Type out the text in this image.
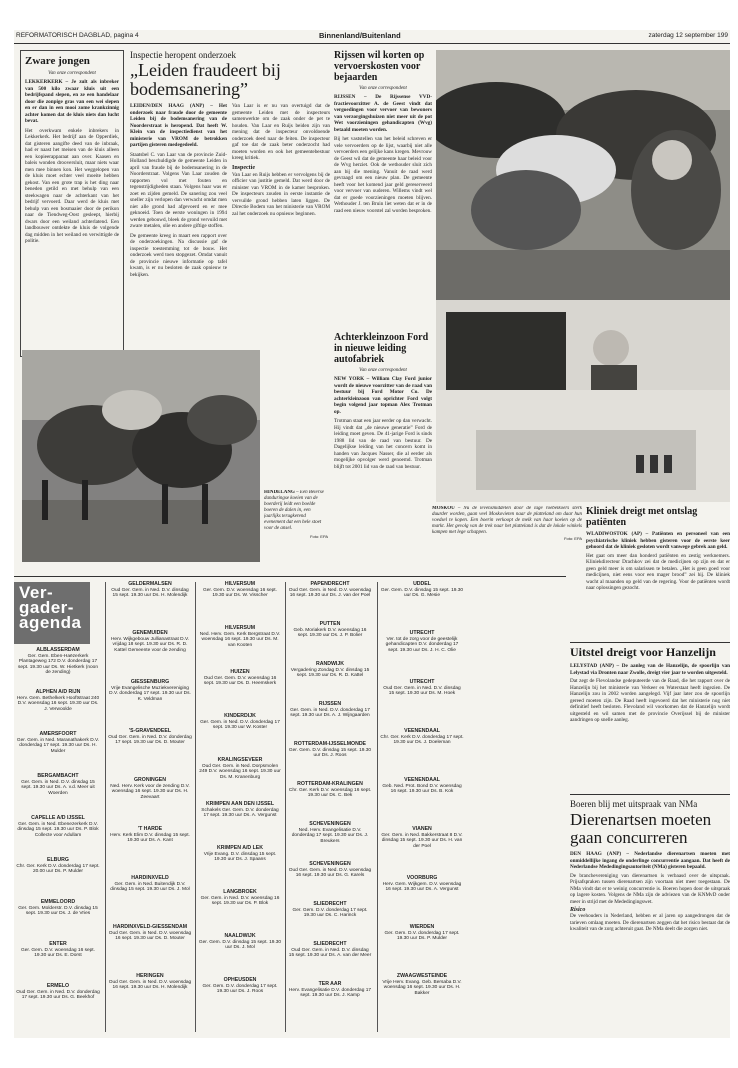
REFORMATORISCH DAGBLAD, pagina 4	Binnenland/Buitenland	zaterdag 12 september 199
Zware jongen
Van onze correspondent

LEKKERKERK – Je zult als inbreker van 500 kilo zwaar kluis uit een bedrijfspand slepen, en ze een handelaar door die zonpige gras van een wei slepen en er dan in een mooi zome krankzinnig achter komen dat de kluis niets dan lucht bevat.

Het overkwam enkele inbrekers in Lekkerkerk. Het bedrijf aan de Opperdiek, dat gisteren aangifte deed van de inbraak, had er naast het meisen van de kluis alleen een kopieerapparaat aan over. Kaasen en baleis wonden drooversluit, maar niets waar men mee binnen kon. Het weggelopen van de kluis moet echter veel moeite hebben gekost. Van een grote trap is het ding naar beneden getild en met behulp van een steekwagen naar de achterkant van het bedrijf vervoerd. Daar werd de kluis met behulp van een bosmaaier door de perikon naar de Tiendweg-Oost gesleept, hierbij dwars door een weiland achterlatend. Een landbouwer ontdekte de kluis de volgende dag midden in het weiland en verwittigde de politie.

Inspectie heropent onderzoek
„Leiden fraudeert bij bodemsanering”

LEIDEN/DEN HAAG (ANP) – Het onderzoek naar fraude door de gemeente Leiden bij de bodemsanering van de Noorderstraat is heropend. Dat heeft W. Klein van de inspectiedienst van het ministerie van VROM de betrokken partijen gisteren medegedeeld.

Staatsbel C. van Laar van de provincie Zuid-Holland beschuldigde de gemeente Leiden in april van fraude bij de bodemsanering in de Noorderstraat. Volgens Van Laar zouden de rapporten vol met fouten en tegenstrijdigheden staan. Volgens haar was er zoet en zijden gemeld. De sanering zou veel sneller zijn verlopen dan verwacht omdat men niet alle grond had afgevoerd en er mee geknoeid. Toen de eerste woningen in 1994 werden gebouwd, bleek de grond vervuild met zware metalen, olie en andere giftige stoffen.

De gemeente kreeg in maart een rapport over de onderzoekingen. Na discussie gaf de inspectie toestemming tot de bouw. Het onderzoek werd toen stopgezet. Omdat vanuit de provincie nieuwe informatie op tafel kwam, is er nu besloten de zaak opnieuw te bekijken.

Van Laar is er nu van overtuigd dat de gemeente Leiden met de inspecteurs samenwerkte om de zaak onder de pet te houden. Van Laar en Ruijs beiden zijn van mening dat de inspecteur onvoldoende onderzoek deed naar de feiten. De inspecteur gaf toe dat de zaak beter onderzocht had moeten worden en ook het gemeentebestuur kreeg kritiek.

Inspectie

Van Laar en Ruijs hebben er vervolgens bij de officier van justitie gemeld. Dat werd door de minister van VROM in de kamer besproken. De inspecteurs zouden in eerste instantie de vervuilde grond hebben laten liggen. De Directie Bodem van het ministerie van VROM zal het onderzoek nu opnieuw beginnen.

Rijssen wil korten op vervoerskosten voor bejaarden
Van onze correspondent

RIJSSEN – De Rijssense VVD-fractievoorzitter A. de Geest vindt dat vergoedingen voor vervoer van bewoners van verzorgingshuizen niet meer uit de pot Wet voorzieningen gehandicapten (Wvg) betaald moeten worden.

Bij het vaststellen van het beleid schreven er vele vervoerders op de lijst, waarbij niet alle vervoerders een gelijke kans kregen. Mevrouw de Geest wil dat de gemeente haar beleid voor de Wvg herziet. Ook de wethouder sluit zich aan bij die mening. Vanuit de raad werd gevraagd om een nieuw plan. De gemeente heeft voor het komend jaar geld gereserveerd voor vervoer van ouderen. Willems vindt wel dat er goede voorzieningen moeten blijven. Wethouder J. ten Bruin liet weten dat er in de raad een nieuw voorstel zal worden besproken.

Achterkleinzoon Ford in nieuwe leiding autofabriek
Van onze correspondent

NEW YORK – William Clay Ford junior wordt de nieuwe voorzitter van de raad van bestuur bij Ford Motor Co. De achterkleinzoon van oprichter Ford volgt begin volgend jaar topman Alex Trotman op.

Trotman staat een jaar eerder op dan verwacht. Hij vindt dat „de nieuwe generatie” Ford de leiding moet geven. De 41-jarige Ford is sinds 1988 lid van de raad van bestuur. De Dagelijkse leiding van het concern komt in handen van Jacques Nasser, die al eerder als mogelijke opvolger werd genoemd. Trotman blijft tot 2001 lid van de raad van bestuur.

HINDELANG – Een Beierse danduringse koeien van de boerderij leidt een boelde boeren de dalen in, een jaarlijks terugkerend evenement dat een hele stoet voor de ansel.

Foto: EPA

MOSKOU – Nu de levensmiddelen door de lage roebelkoers sterk duurder worden, gaan veel Moskovieten naar de platteland om daar hun voedsel te kopen. Een boerin verkoopt de melk van haar koeien op de markt. Het gevolg van de trek naar het platteland is dat de lokale winkels kampen met lege schappen.

Foto: EPA
Kliniek dreigt met ontslag patiënten

WLADIWOSTOK (AP) – Patiënten en personeel van een psychiatrische kliniek hebben gisteren voor de eerste keer gehoord dat de kliniek gesloten wordt vanwege gebrek aan geld.

Het gaat om meer dan honderd patiënten en zestig werknemers. Kliniekdirecteur Drachkov zei dat de medicijnen op zijn en dat er geen geld meer is om salarissen te betalen. „Het is geen goed voor medicijnen, niet eens voor een mager brood” zei hij. De kliniek wacht al maanden op geld van de regering. Voor de patiënten wordt naar oplossingen gezocht.

Uitstel dreigt voor Hanzelijn

LELYSTAD (ANP) – De aanleg van de Hanzelijn, de spoorlijn van Lelystad via Dronten naar Zwolle, dreigt vier jaar te worden uitgesteld.

Dat zegt de Flevolandse gedeputeerde van de Raad, die het rapport over de Hanzelijn bij het ministerie van Verkeer en Waterstaat heeft ingezien. De Hanzelijn zou in 2002 worden aangelegd. Vijf jaar later zou de spoorlijn gereed moeten zijn. De Raad heeft ingevoerd dat het ministerie nog niet definitief heeft besloten. Flevoland wil voorkomen dat de Hanzelijn wordt uitgesteld en wil samen met de provincie Overijssel bij de minister aandringen op snelle aanleg.

Boeren blij met uitspraak van NMa
Dierenartsen moeten gaan concurreren

DEN HAAG (ANP) – Nederlandse dierenartsen moeten met onmiddellijke ingang de onderlinge concurrentie aangaan. Dat heeft de Nederlandse Mededingingsautoriteit (NMa) gisteren bepaald.

De branchevereniging van dierenartsen is verbaasd over de uitspraak. Prijsafspraken tussen dierenartsen zijn voortaan niet meer toegestaan. De NMa vindt dat er te weinig concurrentie is. Boeren hopen door de uitspraak op lagere kosten. Volgens de NMa zijn de adviezen van de KNMvD onder meer in strijd met de Mededingingswet.

Risico

De veehouders in Nederland, hebben er al jaren op aangedrongen dat de tarieven omlaag moeten. De dierenartsen zeggen dat het risico bestaat dat de kwaliteit van de zorg achteruit gaat. De NMa deelt die zorgen niet.

Ver-gader-agenda
ALBLASSERDAM
Ger. Gem. Eben-Haëzerkerk Plantageweg 172 D.V. donderdag 17 sept. 19.30 uur Ds. W. Hietkerk (noon de zending)
ALPHEN A/D RIJN
Herv. Gem. Bethelkerk Hooftstraat 240 D.V. woensdag 16 sept. 19.30 uur Ds. J. Verwoolde
AMERSFOORT
Ger. Gem. in Ned. Maranathakerk D.V. donderdag 17 sept. 19.30 uur Ds. H. Mulder
BERGAMBACHT
Ger. Gem. in Ned. D.V. dinsdag 15 sept. 19.30 uur Ds. A. v.d. Meer uit Woerden
CAPELLE A/D IJSSEL
Ger. Gem. in Ned. Ebenezerkerk D.V. dinsdag 15 sept. 19.30 uur Ds. P. Blok Collecte voor Adullam
ELBURG
Chr. Ger. Kerk D.V. donderdag 17 sept. 20.00 uur Ds. P. Mulder
EMMELOORD
Ger. Gem. Molderstr. D.V. dinsdag 15 sept. 19.30 uur Ds. J. de Vries
ENTER
Ger. Gem. D.V. woensdag 16 sept. 19.30 uur Ds. E. Dorst
ERMELO
Oud Ger. Gem. in Ned. D.V. donderdag 17 sept. 19.30 uur Ds. G. Beekhof
GELDERMALSEN
Oud Ger. Gem. in Ned. D.V. dinsdag 15 sept. 19.30 uur Ds. H. Molendijk
GENEMUIDEN
Herv. Wijkgebouw Jullianastraat D.V. vrijdag 18 sept. 19.30 uur Ds. R. D. Kattel Gemeente voor de zending
GIESSENBURG
Vrije Evangelische Muziekvereniging D.V. donderdag 17 sept. 19.30 uur Ds. K. Veldman
'S-GRAVENDEEL
Oud Ger. Gem. in Ned. D.V. donderdag 17 sept. 19.30 uur Ds. D. Mouter
GRONINGEN
Ned. Herv. Kerk voor de zending D.V. woensdag 16 sept. 19.30 uur Ds. H. Zeevaart
'T HARDE
Herv. Kerk Elim D.V. dinsdag 15 sept. 19.30 uur Ds. A. Kant
HARDINXVELD
Ger. Gem. in Ned. Buitendijk D.V. dinsdag 15 sept. 19.30 uur Ds. J. Mol
HARDINXVELD-GIESSENDAM
Oud Ger. Gem. in Ned. D.V. woensdag 16 sept. 19.30 uur Ds. D. Mouter
HERINGEN
Oud Ger. Gem. in Ned. D.V. woensdag 16 sept. 19.30 uur Ds. H. Molendijk
HILVERSUM
Ger. Gem. D.V. woensdag 16 sept. 19.30 uur Ds. W. Visscher
HILVERSUM
Ned. Herv. Gem. Kerk Bergstraat D.V. woensdag 16 sept. 19.30 uur Ds. M. van Kooten
HUIZEN
Oud Ger. Gem. D.V. woensdag 16 sept. 19.30 uur Ds. D. Heemskerk
KINDERDIJK
Ger. Gem. in Ned. D.V. donderdag 17 sept. 19.30 uur W. Koster
KRALINGSEVEER
Oud Ger. Gem. in Ned. Dorpsmolen 249 D.V. woensdag 16 sept. 19.30 uur Ds. M. Kranenburg
KRIMPEN AAN DEN IJSSEL
Schakels Ger. Gem. D.V. donderdag 17 sept. 19.30 uur Ds. A. Vergunst
KRIMPEN A/D LEK
Vrije Evang. D.V. dinsdag 15 sept. 19.30 uur Ds. J. Spaans
LANGBROEK
Ger. Gem. in Ned. D.V. woensdag 16 sept. 19.30 uur Ds. P. Blok
NAALDWIJK
Ger. Gem. D.V. dinsdag 15 sept. 19.30 uur Ds. J. Mol
OPHEUSDEN
Ger. Gem. D.V. donderdag 17 sept. 19.30 uur Ds. J. Roos
PAPENDRECHT
Oud Ger. Gem. in Ned. D.V. woensdag 16 sept. 19.30 uur Ds. J. van der Poel
PUTTEN
Geb. Moriakerk D.V. woensdag 16 sept. 19.30 uur Ds. J. P. Bolier
RANDWIJK
Vergadering Zondag D.V. dinsdag 15 sept. 19.30 uur Ds. R. D. Kattel
RIJSSEN
Ger. Gem. in Ned. D.V. donderdag 17 sept. 19.30 uur Ds. A. J. Wijngaarden
ROTTERDAM-IJSSELMONDE
Ger. Gem. D.V. dinsdag 15 sept. 19.30 uur Ds. J. Roos
ROTTERDAM-KRALINGEN
Chr. Ger. Kerk D.V. woensdag 16 sept. 19.30 uur Ds. C. Bek
SCHEVENINGEN
Ned. Herv. Evangelisatie D.V. donderdag 17 sept. 19.30 uur Ds. J. Breukers
SCHEVENINGEN
Oud Ger. Gem. in Ned. D.V. woensdag 16 sept. 19.30 uur Ds. G. Karels
SLIEDRECHT
Ger. Gem. D.V. donderdag 17 sept. 19.30 uur Ds. C. Harinck
SLIEDRECHT
Oud Ger. Gem. in Ned. D.V. dinsdag 15 sept. 19.30 uur Ds. A. van der Meer
TER AAR
Herv. Evangelisatie D.V. donderdag 17 sept. 19.30 uur Ds. J. Kamp
UDDEL
Ger. Gem. D.V. dinsdag 15 sept. 19.30 uur Ds. G. Mesie
UTRECHT
Ver. tot de zorg voor de geestelijk gehandicapten D.V. donderdag 17 sept. 19.30 uur Ds. J. H. C. Olie
UTRECHT
Oud Ger. Gem. in Ned. D.V. dinsdag 15 sept. 19.30 uur Ds. M. Hoek
VEENENDAAL
Chr. Ger. Kerk D.V. donderdag 17 sept. 19.30 uur Ds. J. Doeleman
VEENENDAAL
Geb. Ned. Prot. Bond D.V. woensdag 16 sept. 19.30 uur Ds. B. Kok
VIANEN
Ger. Gem. in Ned. Bakkerstraat 8 D.V. dinsdag 15 sept. 19.30 uur Ds. H. van der Poel
VOORBURG
Herv. Gem. Wijkgem. D.V. woensdag 16 sept. 19.30 uur Ds. A. Vergunst
WIERDEN
Ger. Gem. D.V. donderdag 17 sept. 19.30 uur Ds. P. Mulder
ZWAAGWESTEINDE
Vrije Herv. Evang. Geb. Bersaba D.V. woensdag 16 sept. 19.30 uur Ds. H. Bakker
